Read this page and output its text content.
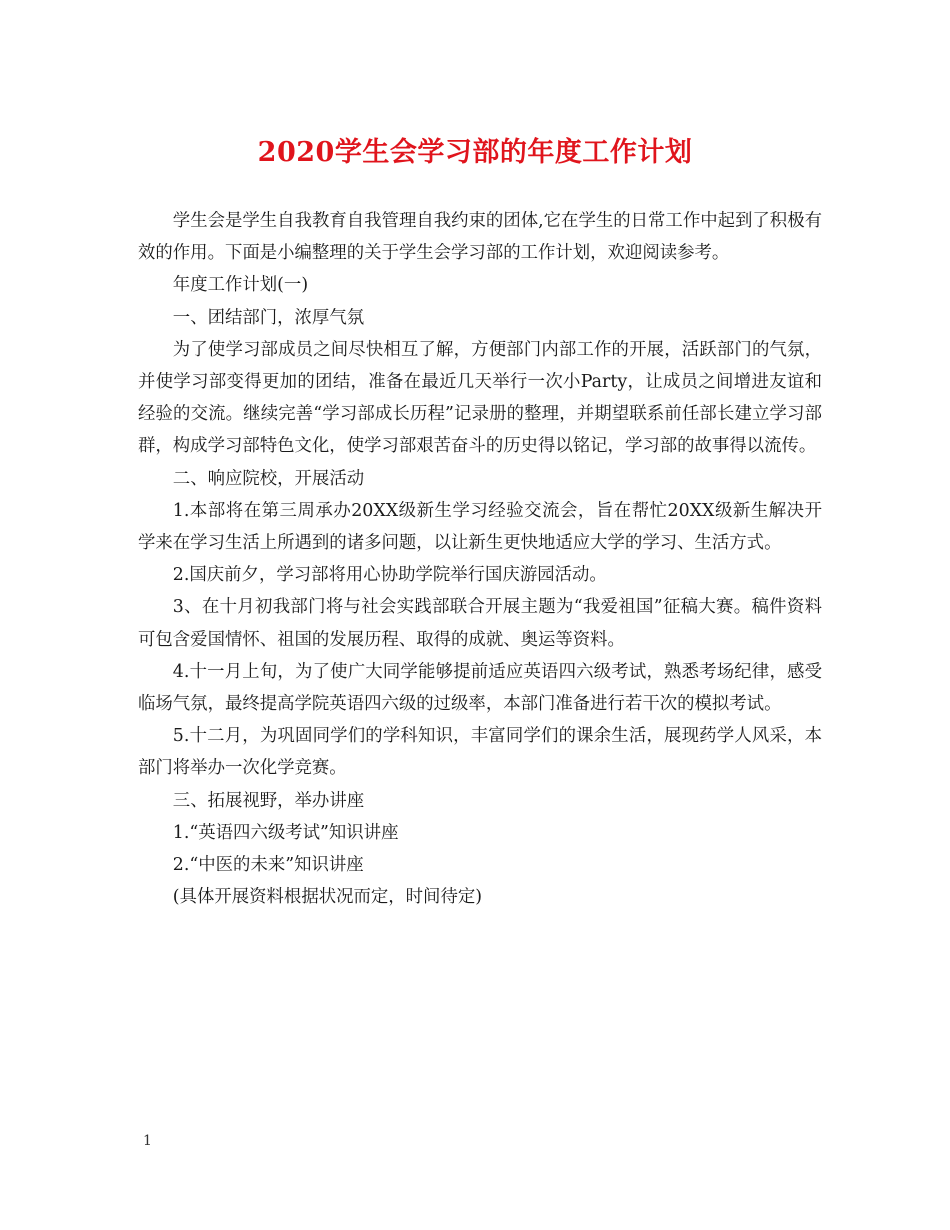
2020学生会学习部的年度工作计划

学生会是学生自我教育自我管理自我约束的团体,它在学生的日常工作中起到了积极有效的作用。下面是小编整理的关于学生会学习部的工作计划，欢迎阅读参考。

年度工作计划(一)

一、团结部门，浓厚气氛

为了使学习部成员之间尽快相互了解，方便部门内部工作的开展，活跃部门的气氛，并使学习部变得更加的团结，准备在最近几天举行一次小Party，让成员之间增进友谊和经验的交流。继续完善“学习部成长历程”记录册的整理，并期望联系前任部长建立学习部群，构成学习部特色文化，使学习部艰苦奋斗的历史得以铭记，学习部的故事得以流传。

二、响应院校，开展活动

1.本部将在第三周承办20XX级新生学习经验交流会，旨在帮忙20XX级新生解决开学来在学习生活上所遇到的诸多问题，以让新生更快地适应大学的学习、生活方式。

2.国庆前夕，学习部将用心协助学院举行国庆游园活动。

3、在十月初我部门将与社会实践部联合开展主题为“我爱祖国”征稿大赛。稿件资料可包含爱国情怀、祖国的发展历程、取得的成就、奥运等资料。

4.十一月上旬，为了使广大同学能够提前适应英语四六级考试，熟悉考场纪律，感受临场气氛，最终提高学院英语四六级的过级率，本部门准备进行若干次的模拟考试。

5.十二月，为巩固同学们的学科知识，丰富同学们的课余生活，展现药学人风采，本部门将举办一次化学竞赛。

三、拓展视野，举办讲座

1.“英语四六级考试”知识讲座

2.“中医的未来”知识讲座

(具体开展资料根据状况而定，时间待定)

1
